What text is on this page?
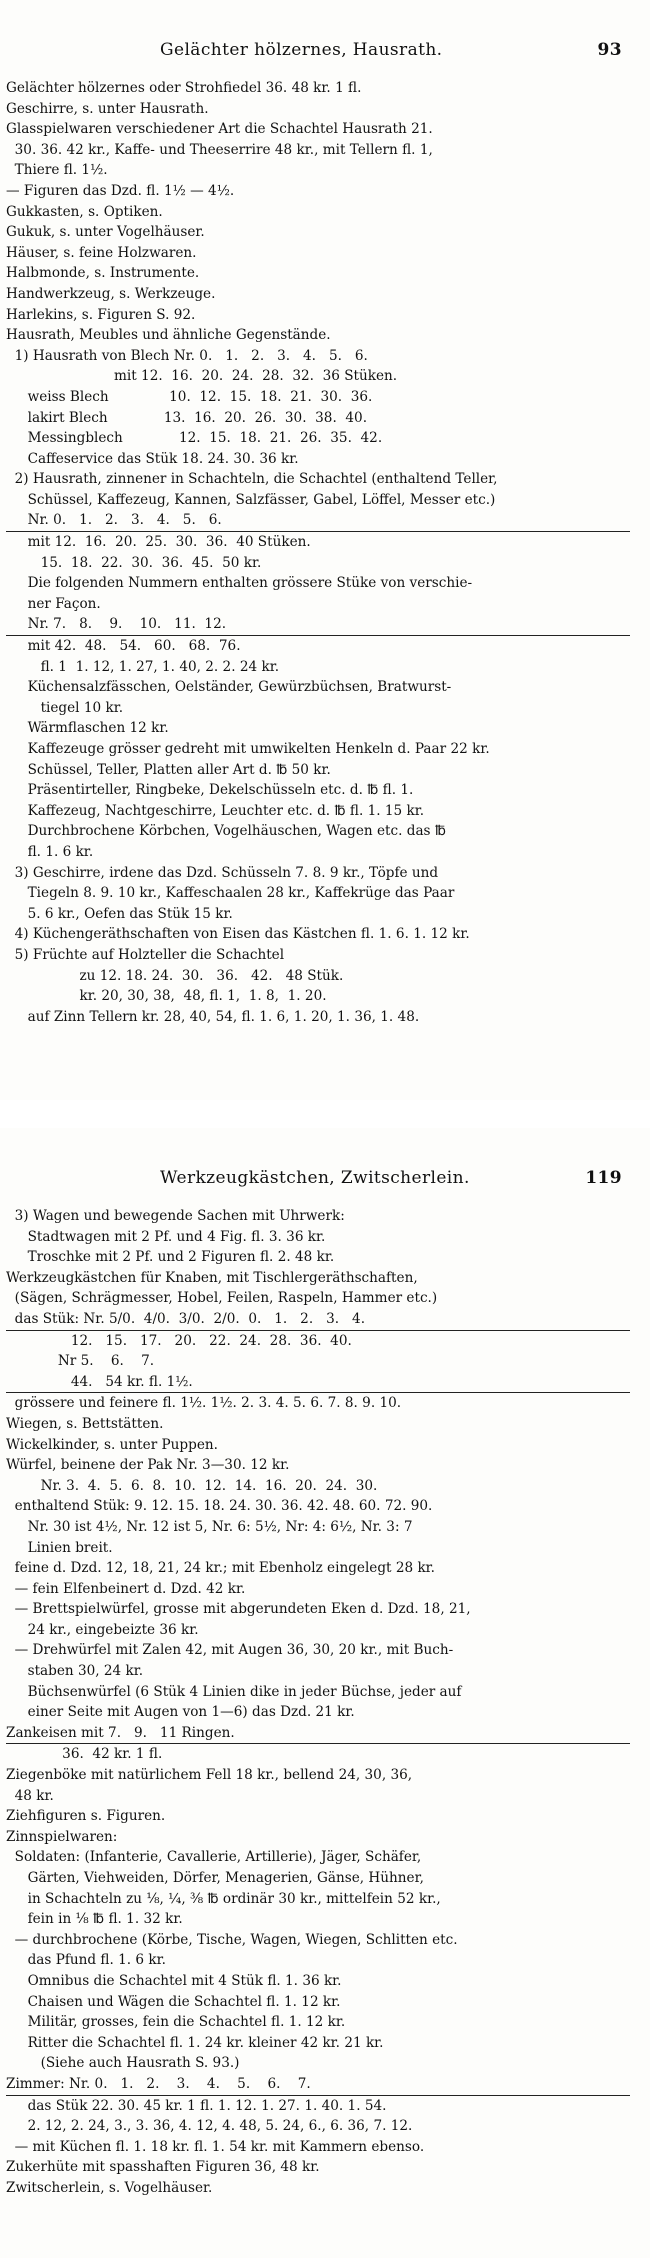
Gelächter hölzernes, Hausrath.	93
Gelächter hölzernes oder Strohfiedel 36. 48 kr. 1 fl.
Geschirre, s. unter Hausrath.
Glasspielwaren verschiedener Art die Schachtel Hausrath 21.
30. 36. 42 kr., Kaffe- und Theeserrire 48 kr., mit Tellern fl. 1,
Thiere fl. 1½.
— Figuren das Dzd. fl. 1½ — 4½.
Gukkasten, s. Optiken.
Gukuk, s. unter Vogelhäuser.
Häuser, s. feine Holzwaren.
Halbmonde, s. Instrumente.
Handwerkzeug, s. Werkzeuge.
Harlekins, s. Figuren S. 92.
Hausrath, Meubles und ähnliche Gegenstände.
1) Hausrath von Blech Nr. 0.   1.   2.   3.   4.   5.   6.
mit 12.  16.  20.  24.  28.  32.  36 Stüken.
weiss Blech              10.  12.  15.  18.  21.  30.  36.
lakirt Blech             13.  16.  20.  26.  30.  38.  40.
Messingblech             12.  15.  18.  21.  26.  35.  42.
Caffeservice das Stük 18. 24. 30. 36 kr.
2) Hausrath, zinnener in Schachteln, die Schachtel (enthaltend Teller,
Schüssel, Kaffezeug, Kannen, Salzfässer, Gabel, Löffel, Messer etc.)
Nr. 0.   1.   2.   3.   4.   5.   6.
mit 12.  16.  20.  25.  30.  36.  40 Stüken.
15.  18.  22.  30.  36.  45.  50 kr.
Die folgenden Nummern enthalten grössere Stüke von verschie-
ner Façon.
Nr. 7.   8.    9.    10.   11.  12.
mit 42.  48.   54.   60.   68.  76.
fl. 1  1. 12, 1. 27, 1. 40, 2. 2. 24 kr.
Küchensalzfässchen, Oelständer, Gewürzbüchsen, Bratwurst-
tiegel 10 kr.
Wärmflaschen 12 kr.
Kaffezeuge grösser gedreht mit umwikelten Henkeln d. Paar 22 kr.
Schüssel, Teller, Platten aller Art d. ℔ 50 kr.
Präsentirteller, Ringbeke, Dekelschüsseln etc. d. ℔ fl. 1.
Kaffezeug, Nachtgeschirre, Leuchter etc. d. ℔ fl. 1. 15 kr.
Durchbrochene Körbchen, Vogelhäuschen, Wagen etc. das ℔
fl. 1. 6 kr.
3) Geschirre, irdene das Dzd. Schüsseln 7. 8. 9 kr., Töpfe und
Tiegeln 8. 9. 10 kr., Kaffeschaalen 28 kr., Kaffekrüge das Paar
5. 6 kr., Oefen das Stük 15 kr.
4) Küchengeräthschaften von Eisen das Kästchen fl. 1. 6. 1. 12 kr.
5) Früchte auf Holzteller die Schachtel
zu 12. 18. 24.  30.   36.   42.   48 Stük.
kr. 20, 30, 38,  48, fl. 1,  1. 8,  1. 20.
auf Zinn Tellern kr. 28, 40, 54, fl. 1. 6, 1. 20, 1. 36, 1. 48.
Werkzeugkästchen, Zwitscherlein.	119
3) Wagen und bewegende Sachen mit Uhrwerk:
Stadtwagen mit 2 Pf. und 4 Fig. fl. 3. 36 kr.
Troschke mit 2 Pf. und 2 Figuren fl. 2. 48 kr.
Werkzeugkästchen für Knaben, mit Tischlergeräthschaften,
(Sägen, Schrägmesser, Hobel, Feilen, Raspeln, Hammer etc.)
das Stük: Nr. 5/0.  4/0.  3/0.  2/0.  0.   1.   2.   3.   4.
12.   15.   17.   20.   22.  24.  28.  36.  40.
Nr 5.    6.    7.
44.   54 kr. fl. 1½.
grössere und feinere fl. 1½. 1½. 2. 3. 4. 5. 6. 7. 8. 9. 10.
Wiegen, s. Bettstätten.
Wickelkinder, s. unter Puppen.
Würfel, beinene der Pak Nr. 3—30. 12 kr.
Nr. 3.  4.  5.  6.  8.  10.  12.  14.  16.  20.  24.  30.
enthaltend Stük: 9. 12. 15. 18. 24. 30. 36. 42. 48. 60. 72. 90.
Nr. 30 ist 4½, Nr. 12 ist 5, Nr. 6: 5½, Nr: 4: 6½, Nr. 3: 7
Linien breit.
feine d. Dzd. 12, 18, 21, 24 kr.; mit Ebenholz eingelegt 28 kr.
— fein Elfenbeinert d. Dzd. 42 kr.
— Brettspielwürfel, grosse mit abgerundeten Eken d. Dzd. 18, 21,
24 kr., eingebeizte 36 kr.
— Drehwürfel mit Zalen 42, mit Augen 36, 30, 20 kr., mit Buch-
staben 30, 24 kr.
Büchsenwürfel (6 Stük 4 Linien dike in jeder Büchse, jeder auf
einer Seite mit Augen von 1—6) das Dzd. 21 kr.
Zankeisen mit 7.   9.   11 Ringen.
36.  42 kr. 1 fl.
Ziegenböke mit natürlichem Fell 18 kr., bellend 24, 30, 36,
48 kr.
Ziehfiguren s. Figuren.
Zinnspielwaren:
Soldaten: (Infanterie, Cavallerie, Artillerie), Jäger, Schäfer,
Gärten, Viehweiden, Dörfer, Menagerien, Gänse, Hühner,
in Schachteln zu ⅛, ¼, ⅜ ℔ ordinär 30 kr., mittelfein 52 kr.,
fein in ⅛ ℔ fl. 1. 32 kr.
— durchbrochene (Körbe, Tische, Wagen, Wiegen, Schlitten etc.
das Pfund fl. 1. 6 kr.
Omnibus die Schachtel mit 4 Stük fl. 1. 36 kr.
Chaisen und Wägen die Schachtel fl. 1. 12 kr.
Militär, grosses, fein die Schachtel fl. 1. 12 kr.
Ritter die Schachtel fl. 1. 24 kr. kleiner 42 kr. 21 kr.
(Siehe auch Hausrath S. 93.)
Zimmer: Nr. 0.   1.   2.    3.    4.    5.    6.    7.
das Stük 22. 30. 45 kr. 1 fl. 1. 12. 1. 27. 1. 40. 1. 54.
2. 12, 2. 24, 3., 3. 36, 4. 12, 4. 48, 5. 24, 6., 6. 36, 7. 12.
— mit Küchen fl. 1. 18 kr. fl. 1. 54 kr. mit Kammern ebenso.
Zukerhüte mit spasshaften Figuren 36, 48 kr.
Zwitscherlein, s. Vogelhäuser.
